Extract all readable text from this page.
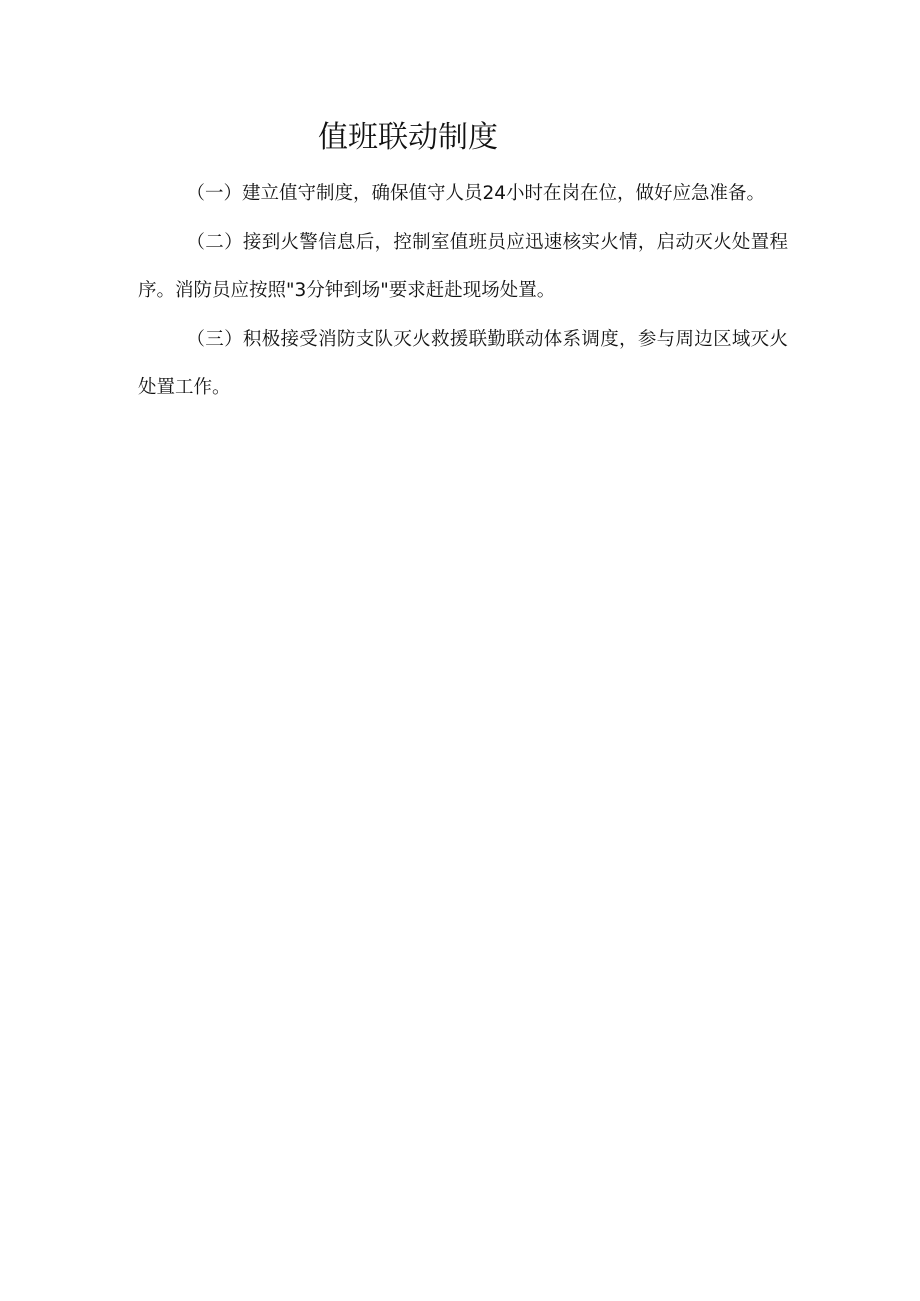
值班联动制度

（一）建立值守制度，确保值守人员24小时在岗在位，做好应急准备。

（二）接到火警信息后，控制室值班员应迅速核实火情，启动灭火处置程序。消防员应按照"3分钟到场"要求赶赴现场处置。

（三）积极接受消防支队灭火救援联勤联动体系调度，参与周边区域灭火处置工作。
